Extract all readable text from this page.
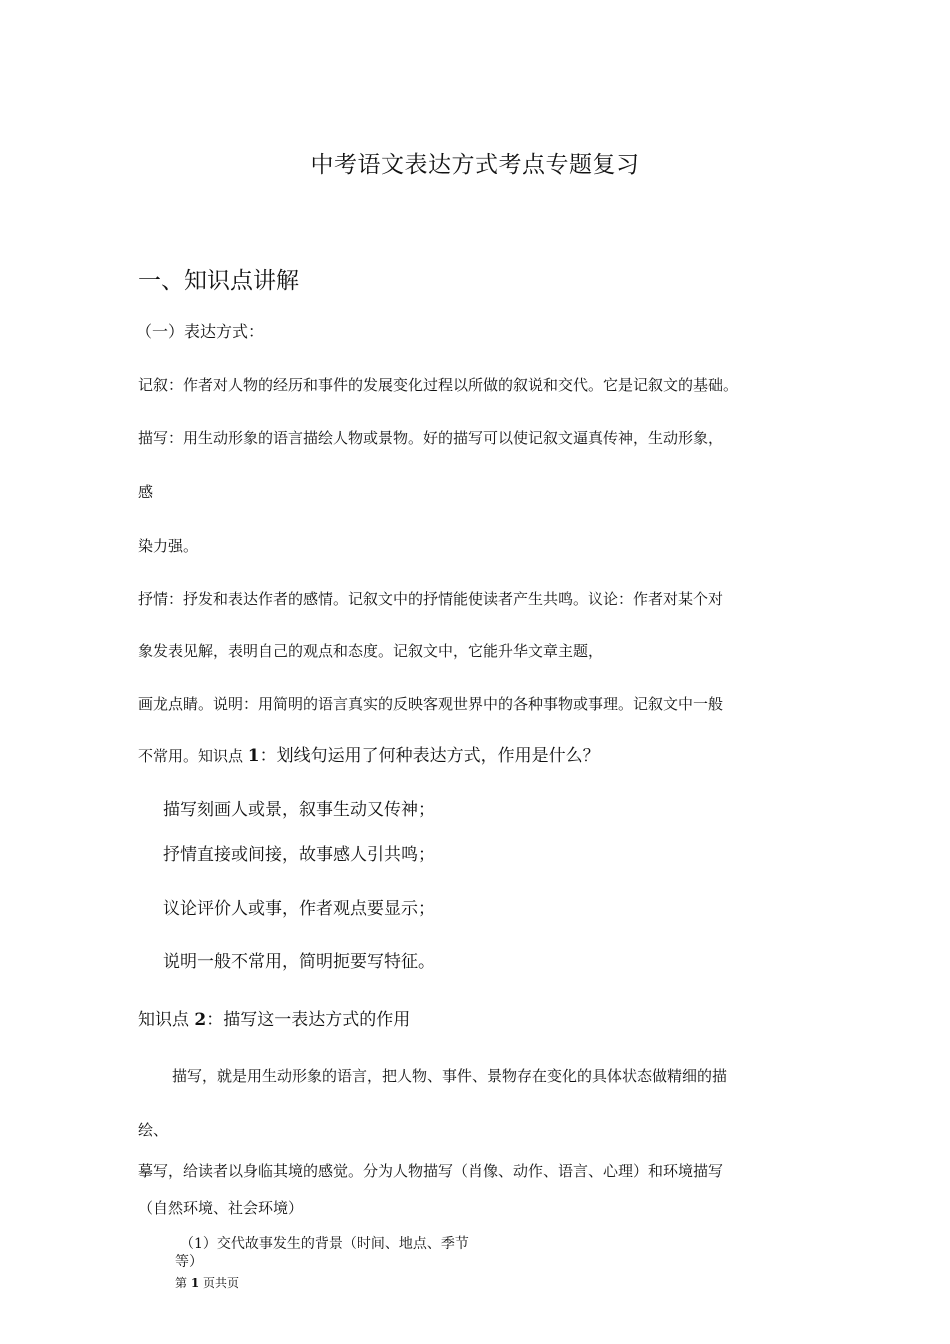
中考语文表达方式考点专题复习
一、知识点讲解
（一）表达方式：
记叙：作者对人物的经历和事件的发展变化过程以所做的叙说和交代。它是记叙文的基础。
描写：用生动形象的语言描绘人物或景物。好的描写可以使记叙文逼真传神，生动形象，
感
染力强。
抒情：抒发和表达作者的感情。记叙文中的抒情能使读者产生共鸣。议论：作者对某个对
象发表见解，表明自己的观点和态度。记叙文中，它能升华文章主题，
画龙点睛。说明：用简明的语言真实的反映客观世界中的各种事物或事理。记叙文中一般
不常用。知识点 1：划线句运用了何种表达方式，作用是什么？
描写刻画人或景，叙事生动又传神；
抒情直接或间接，故事感人引共鸣；
议论评价人或事，作者观点要显示；
说明一般不常用，简明扼要写特征。
知识点 2：描写这一表达方式的作用
描写，就是用生动形象的语言，把人物、事件、景物存在变化的具体状态做精细的描
绘、
摹写，给读者以身临其境的感觉。分为人物描写（肖像、动作、语言、心理）和环境描写
（自然环境、社会环境）
（1）交代故事发生的背景（时间、地点、季节
等）
第 1 页共页
